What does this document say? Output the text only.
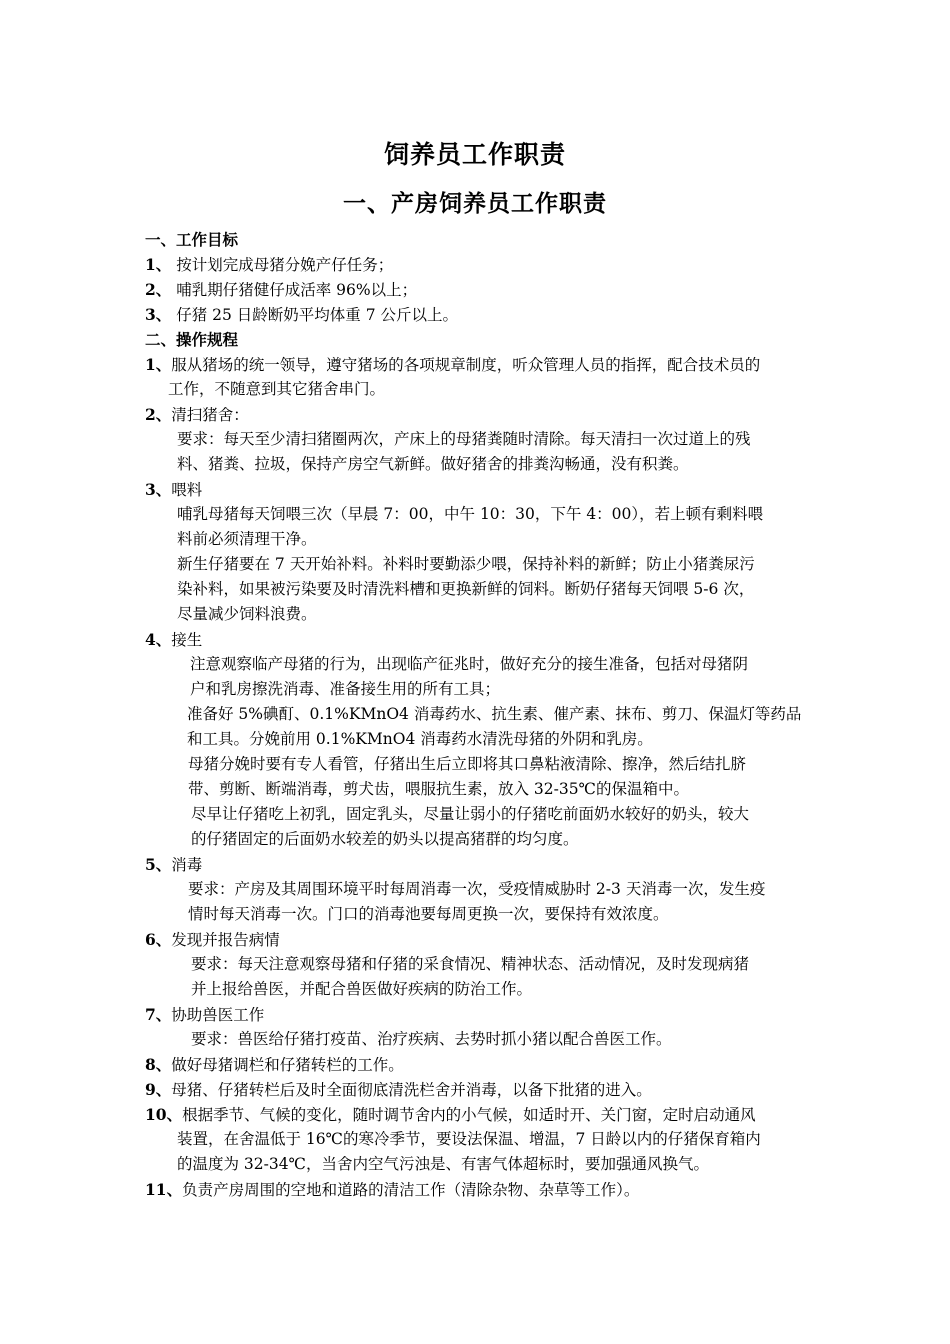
饲养员工作职责
一、产房饲养员工作职责
一、工作目标
1、 按计划完成母猪分娩产仔任务；
2、 哺乳期仔猪健仔成活率 96%以上；
3、 仔猪 25 日龄断奶平均体重 7 公斤以上。
二、操作规程
1、服从猪场的统一领导，遵守猪场的各项规章制度，听众管理人员的指挥，配合技术员的
工作，不随意到其它猪舍串门。
2、清扫猪舍：
要求：每天至少清扫猪圈两次，产床上的母猪粪随时清除。每天清扫一次过道上的残
料、猪粪、拉圾，保持产房空气新鲜。做好猪舍的排粪沟畅通，没有积粪。
3、喂料
哺乳母猪每天饲喂三次（早晨 7：00，中午 10：30，下午 4：00），若上顿有剩料喂
料前必须清理干净。
新生仔猪要在 7 天开始补料。补料时要勤添少喂，保持补料的新鲜；防止小猪粪尿污
染补料，如果被污染要及时清洗料槽和更换新鲜的饲料。断奶仔猪每天饲喂 5-6 次，
尽量减少饲料浪费。
4、接生
注意观察临产母猪的行为，出现临产征兆时，做好充分的接生准备，包括对母猪阴
户和乳房擦洗消毒、准备接生用的所有工具；
准备好 5%碘酊、0.1%KMnO4 消毒药水、抗生素、催产素、抹布、剪刀、保温灯等药品
和工具。分娩前用 0.1%KMnO4 消毒药水清洗母猪的外阴和乳房。
母猪分娩时要有专人看管，仔猪出生后立即将其口鼻粘液清除、擦净，然后结扎脐
带、剪断、断端消毒，剪犬齿，喂服抗生素，放入 32-35℃的保温箱中。
尽早让仔猪吃上初乳，固定乳头，尽量让弱小的仔猪吃前面奶水较好的奶头，较大
的仔猪固定的后面奶水较差的奶头以提高猪群的均匀度。
5、消毒
要求：产房及其周围环境平时每周消毒一次，受疫情威胁时 2-3 天消毒一次，发生疫
情时每天消毒一次。门口的消毒池要每周更换一次，要保持有效浓度。
6、发现并报告病情
要求：每天注意观察母猪和仔猪的采食情况、精神状态、活动情况，及时发现病猪
并上报给兽医，并配合兽医做好疾病的防治工作。
7、协助兽医工作
要求：兽医给仔猪打疫苗、治疗疾病、去势时抓小猪以配合兽医工作。
8、做好母猪调栏和仔猪转栏的工作。
9、母猪、仔猪转栏后及时全面彻底清洗栏舍并消毒，以备下批猪的进入。
10、根据季节、气候的变化，随时调节舍内的小气候，如适时开、关门窗，定时启动通风
装置，在舍温低于 16℃的寒冷季节，要设法保温、增温，7 日龄以内的仔猪保育箱内
的温度为 32-34℃，当舍内空气污浊是、有害气体超标时，要加强通风换气。
11、负责产房周围的空地和道路的清洁工作（清除杂物、杂草等工作）。
